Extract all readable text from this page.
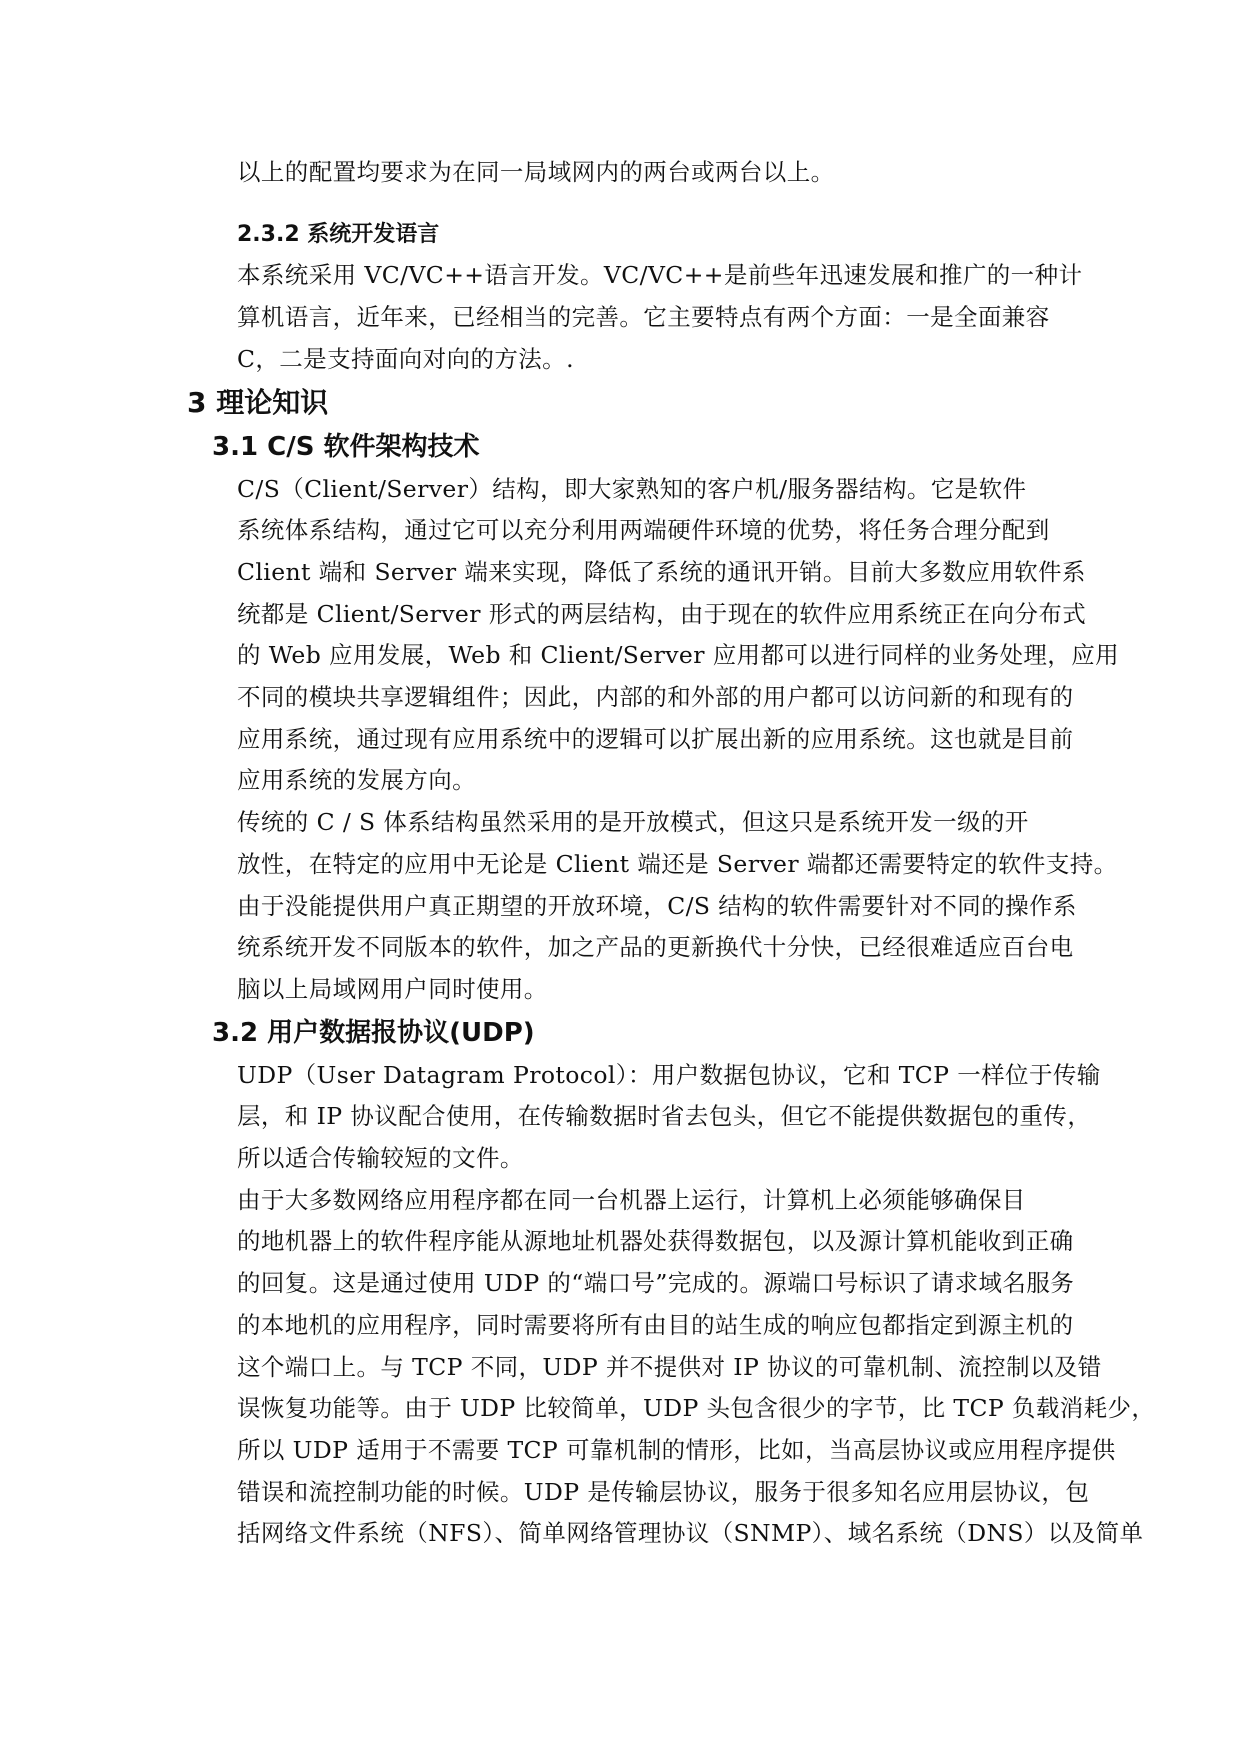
以上的配置均要求为在同一局域网内的两台或两台以上。
2.3.2 系统开发语言
本系统采用 VC/VC++语言开发。VC/VC++是前些年迅速发展和推广的一种计
算机语言，近年来，已经相当的完善。它主要特点有两个方面：一是全面兼容
C，二是支持面向对向的方法。.
3 理论知识
3.1 C/S 软件架构技术
C/S（Client/Server）结构，即大家熟知的客户机/服务器结构。它是软件
系统体系结构，通过它可以充分利用两端硬件环境的优势，将任务合理分配到
Client 端和 Server 端来实现，降低了系统的通讯开销。目前大多数应用软件系
统都是 Client/Server 形式的两层结构，由于现在的软件应用系统正在向分布式
的 Web 应用发展，Web 和 Client/Server 应用都可以进行同样的业务处理，应用
不同的模块共享逻辑组件；因此，内部的和外部的用户都可以访问新的和现有的
应用系统，通过现有应用系统中的逻辑可以扩展出新的应用系统。这也就是目前
应用系统的发展方向。
传统的 C / S 体系结构虽然采用的是开放模式，但这只是系统开发一级的开
放性，在特定的应用中无论是 Client 端还是 Server 端都还需要特定的软件支持。
由于没能提供用户真正期望的开放环境，C/S 结构的软件需要针对不同的操作系
统系统开发不同版本的软件，加之产品的更新换代十分快，已经很难适应百台电
脑以上局域网用户同时使用。
3.2 用户数据报协议(UDP)
UDP（User Datagram Protocol）：用户数据包协议，它和 TCP 一样位于传输
层，和 IP 协议配合使用，在传输数据时省去包头，但它不能提供数据包的重传，
所以适合传输较短的文件。
由于大多数网络应用程序都在同一台机器上运行，计算机上必须能够确保目
的地机器上的软件程序能从源地址机器处获得数据包，以及源计算机能收到正确
的回复。这是通过使用 UDP 的“端口号”完成的。源端口号标识了请求域名服务
的本地机的应用程序，同时需要将所有由目的站生成的响应包都指定到源主机的
这个端口上。与 TCP 不同，UDP 并不提供对 IP 协议的可靠机制、流控制以及错
误恢复功能等。由于 UDP 比较简单，UDP 头包含很少的字节，比 TCP 负载消耗少，
所以 UDP 适用于不需要 TCP 可靠机制的情形，比如，当高层协议或应用程序提供
错误和流控制功能的时候。UDP 是传输层协议，服务于很多知名应用层协议，包
括网络文件系统（NFS）、简单网络管理协议（SNMP）、域名系统（DNS）以及简单
